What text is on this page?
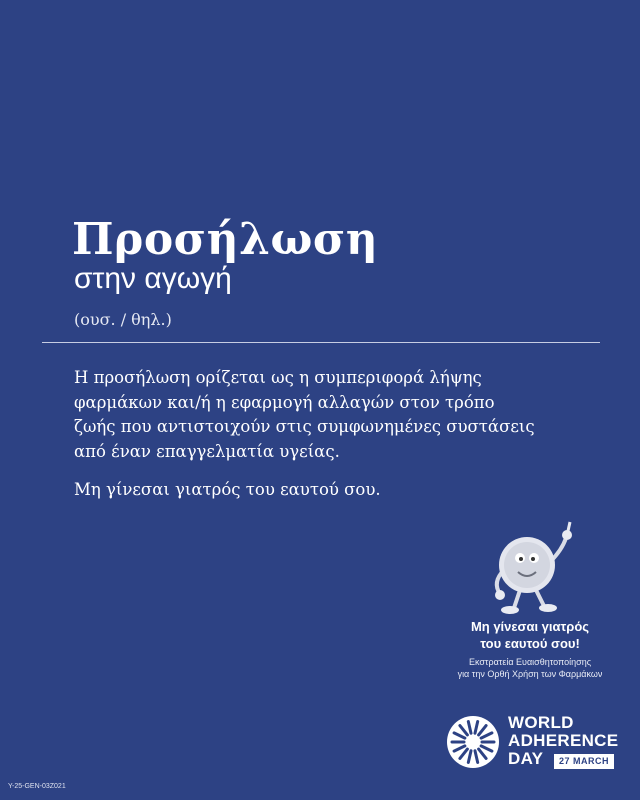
Προσήλωση
στην αγωγή
(ουσ. / θηλ.)
Η προσήλωση ορίζεται ως η συμπεριφορά λήψης
φαρμάκων και/ή η εφαρμογή αλλαγών στον τρόπο
ζωής που αντιστοιχούν στις συμφωνημένες συστάσεις
από έναν επαγγελματία υγείας.
Μη γίνεσαι γιατρός του εαυτού σου.
Μη γίνεσαι γιατρός
του εαυτού σου!
Εκστρατεία Ευαισθητοποίησης
για την Ορθή Χρήση των Φαρμάκων
WORLD
ADHERENCE
DAY 27 MARCH
Y-25-GEN-03Z021
